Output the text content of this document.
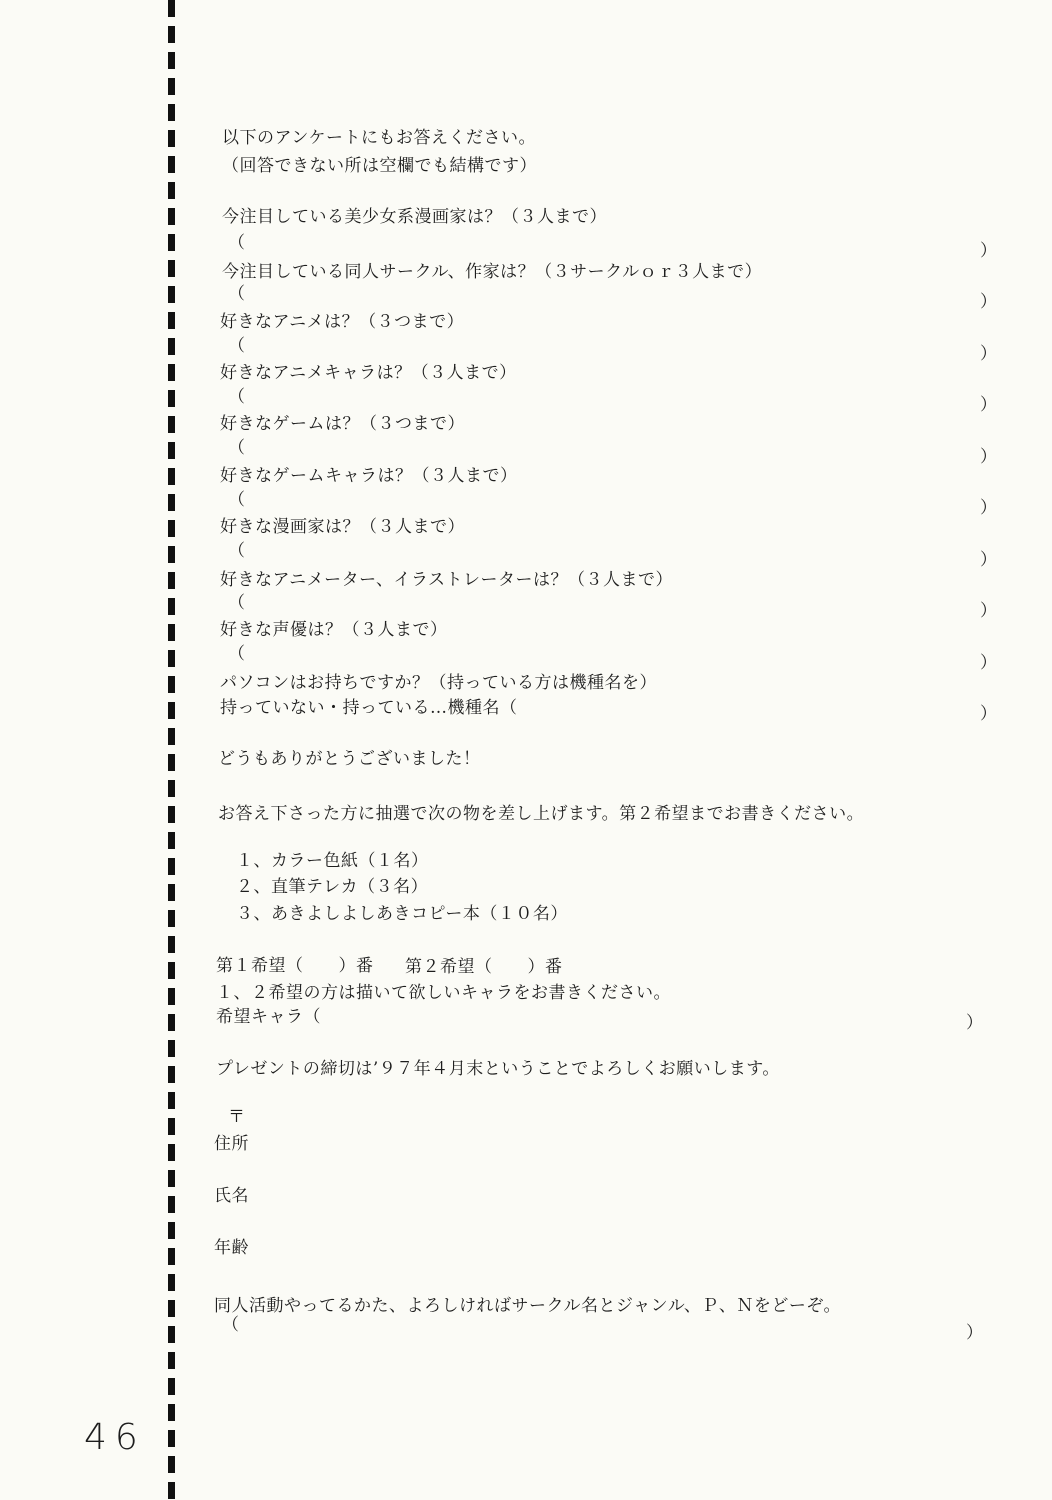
以下のアンケートにもお答えください。
（回答できない所は空欄でも結構です）
今注目している美少女系漫画家は？（３人まで）
（	）
今注目している同人サークル、作家は？（３サークルｏｒ３人まで）
（	）
好きなアニメは？（３つまで）
（	）
好きなアニメキャラは？（３人まで）
（	）
好きなゲームは？（３つまで）
（	）
好きなゲームキャラは？（３人まで）
（	）
好きな漫画家は？（３人まで）
（	）
好きなアニメーター、イラストレーターは？（３人まで）
（	）
好きな声優は？（３人まで）
（	）
パソコンはお持ちですか？（持っている方は機種名を）
持っていない・持っている…機種名（	）
どうもありがとうございました！
お答え下さった方に抽選で次の物を差し上げます。第２希望までお書きください。
１、カラー色紙（１名）
２、直筆テレカ（３名）
３、あきよしよしあきコピー本（１０名）
第１希望（　　）番 第２希望（　　）番
１、２希望の方は描いて欲しいキャラをお書きください。
希望キャラ（	）
プレゼントの締切は’９７年４月末ということでよろしくお願いします。
〒
住所
氏名
年齢
同人活動やってるかた、よろしければサークル名とジャンル、Ｐ、Ｎをどーぞ。
（	）
46
